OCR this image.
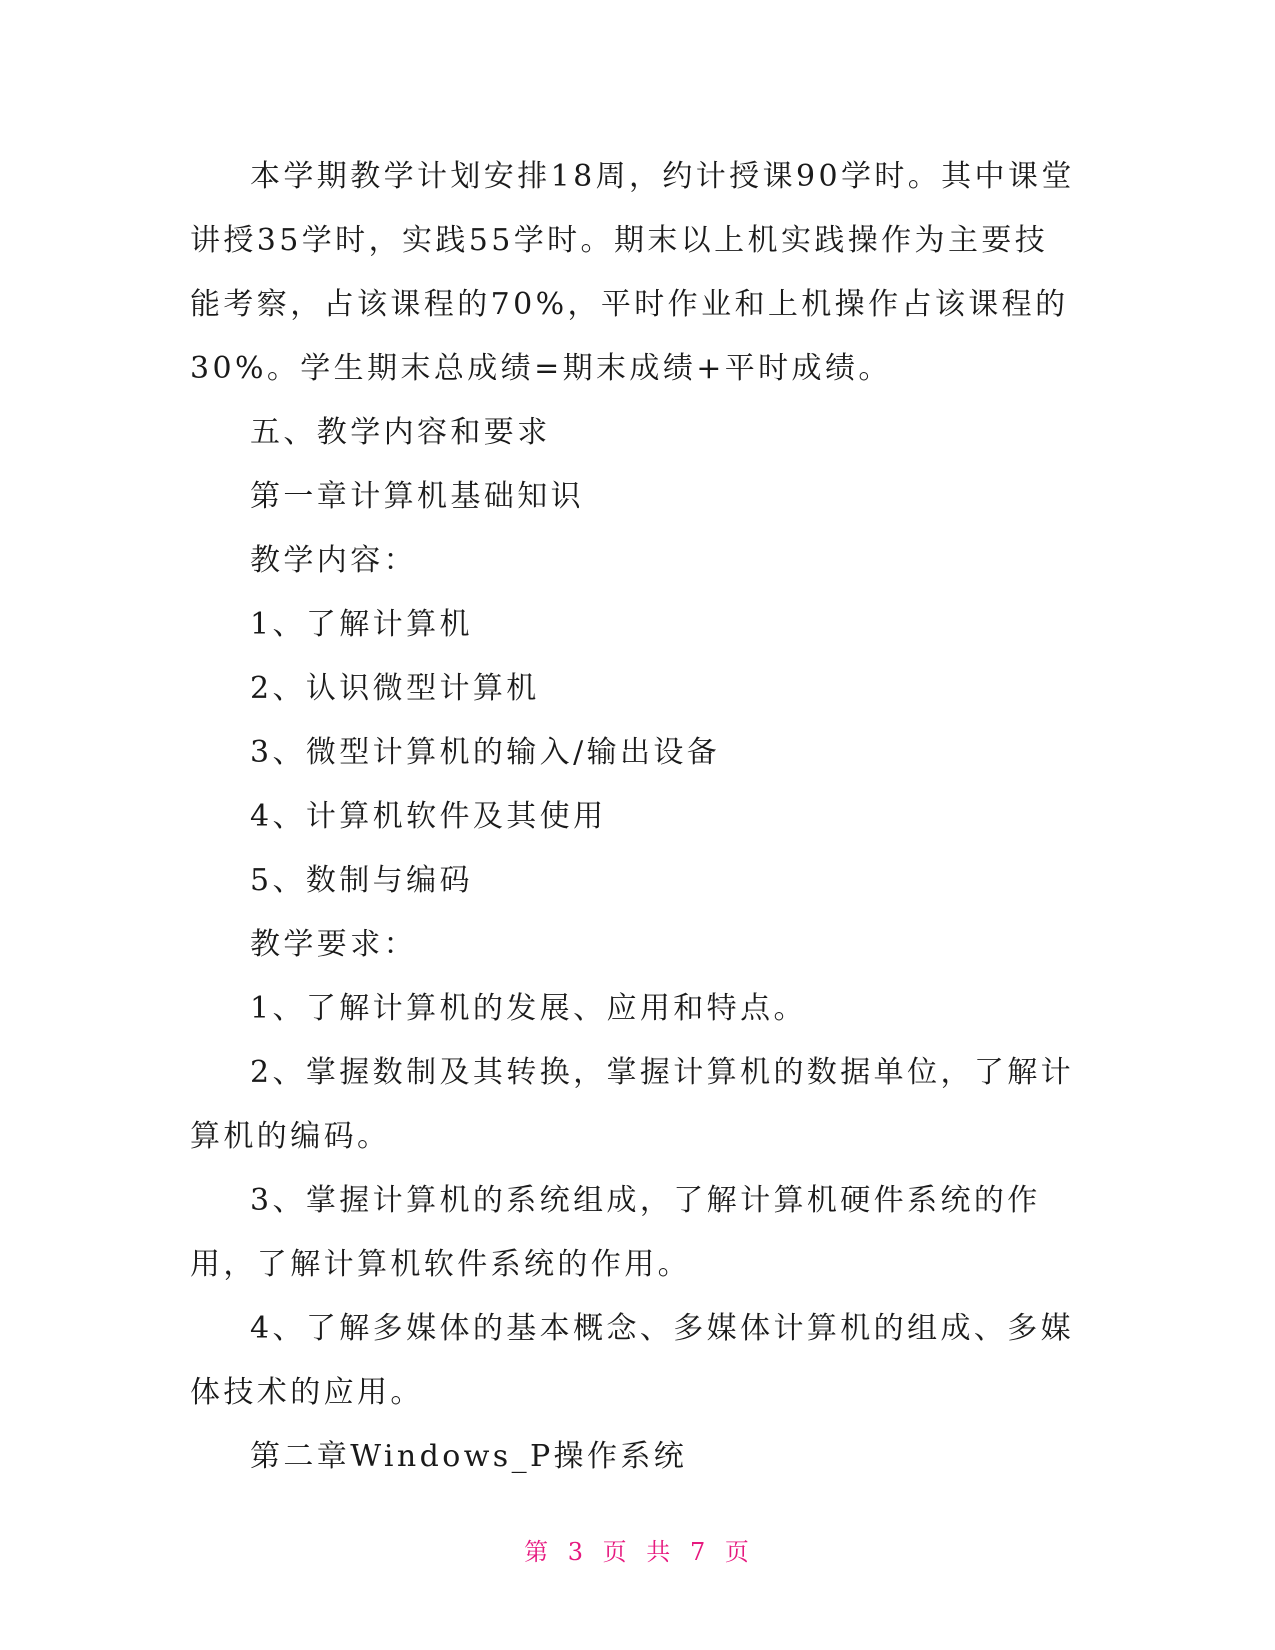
本学期教学计划安排18周，约计授课90学时。其中课堂讲授35学时，实践55学时。期末以上机实践操作为主要技能考察，占该课程的70%，平时作业和上机操作占该课程的30%。学生期末总成绩=期末成绩+平时成绩。

五、教学内容和要求

第一章计算机基础知识

教学内容：

1、了解计算机

2、认识微型计算机

3、微型计算机的输入/输出设备

4、计算机软件及其使用

5、数制与编码

教学要求：

1、了解计算机的发展、应用和特点。

2、掌握数制及其转换，掌握计算机的数据单位，了解计算机的编码。

3、掌握计算机的系统组成，了解计算机硬件系统的作用，了解计算机软件系统的作用。

4、了解多媒体的基本概念、多媒体计算机的组成、多媒体技术的应用。

第二章Windows_P操作系统

第 3 页 共 7 页
